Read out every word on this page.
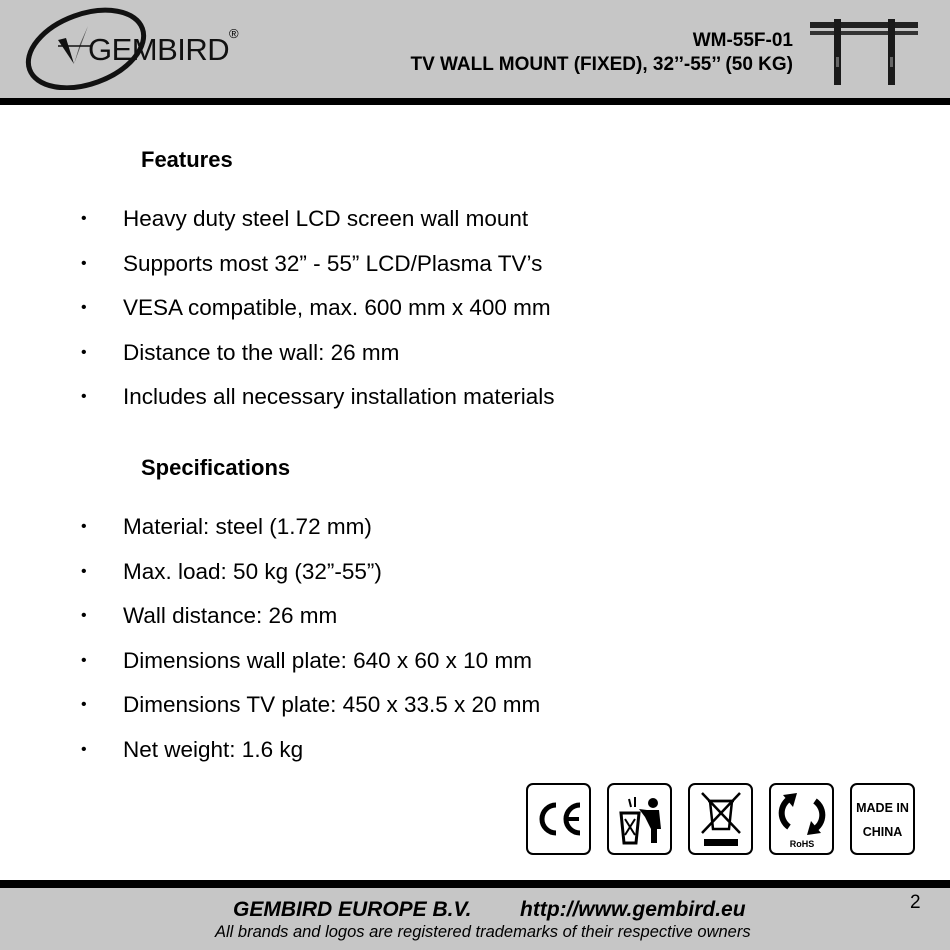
GEMBIRD ®	WM-55F-01
TV WALL MOUNT (FIXED), 32’’-55’’ (50 KG)
Features
• Heavy duty steel LCD screen wall mount
• Supports most 32” - 55” LCD/Plasma TV’s
• VESA compatible, max. 600 mm x 400 mm
• Distance to the wall: 26 mm
• Includes all necessary installation materials
Specifications
• Material: steel (1.72 mm)
• Max. load: 50 kg (32”-55”)
• Wall distance: 26 mm
• Dimensions wall plate: 640 x 60 x 10 mm
• Dimensions TV plate: 450 x 33.5 x 20 mm
• Net weight: 1.6 kg
RoHS
MADE IN
CHINA
GEMBIRD EUROPE B.V. http://www.gembird.eu
All brands and logos are registered trademarks of their respective owners
2
